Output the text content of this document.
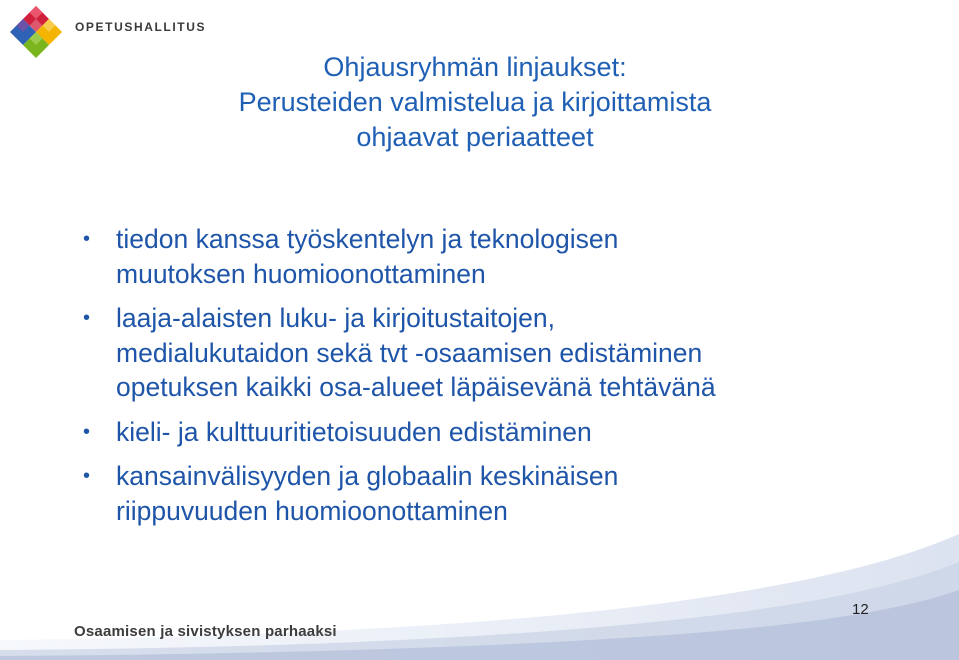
OPETUSHALLITUS
Ohjausryhmän linjaukset:
Perusteiden valmistelua ja kirjoittamista
ohjaavat periaatteet
• tiedon kanssa työskentelyn ja teknologisen
muutoksen huomioonottaminen
• laaja-alaisten luku- ja kirjoitustaitojen,
medialukutaidon sekä tvt -osaamisen edistäminen
opetuksen kaikki osa-alueet läpäisevänä tehtävänä
• kieli- ja kulttuuritietoisuuden edistäminen
• kansainvälisyyden ja globaalin keskinäisen
riippuvuuden huomioonottaminen
Osaamisen ja sivistyksen parhaaksi
12
